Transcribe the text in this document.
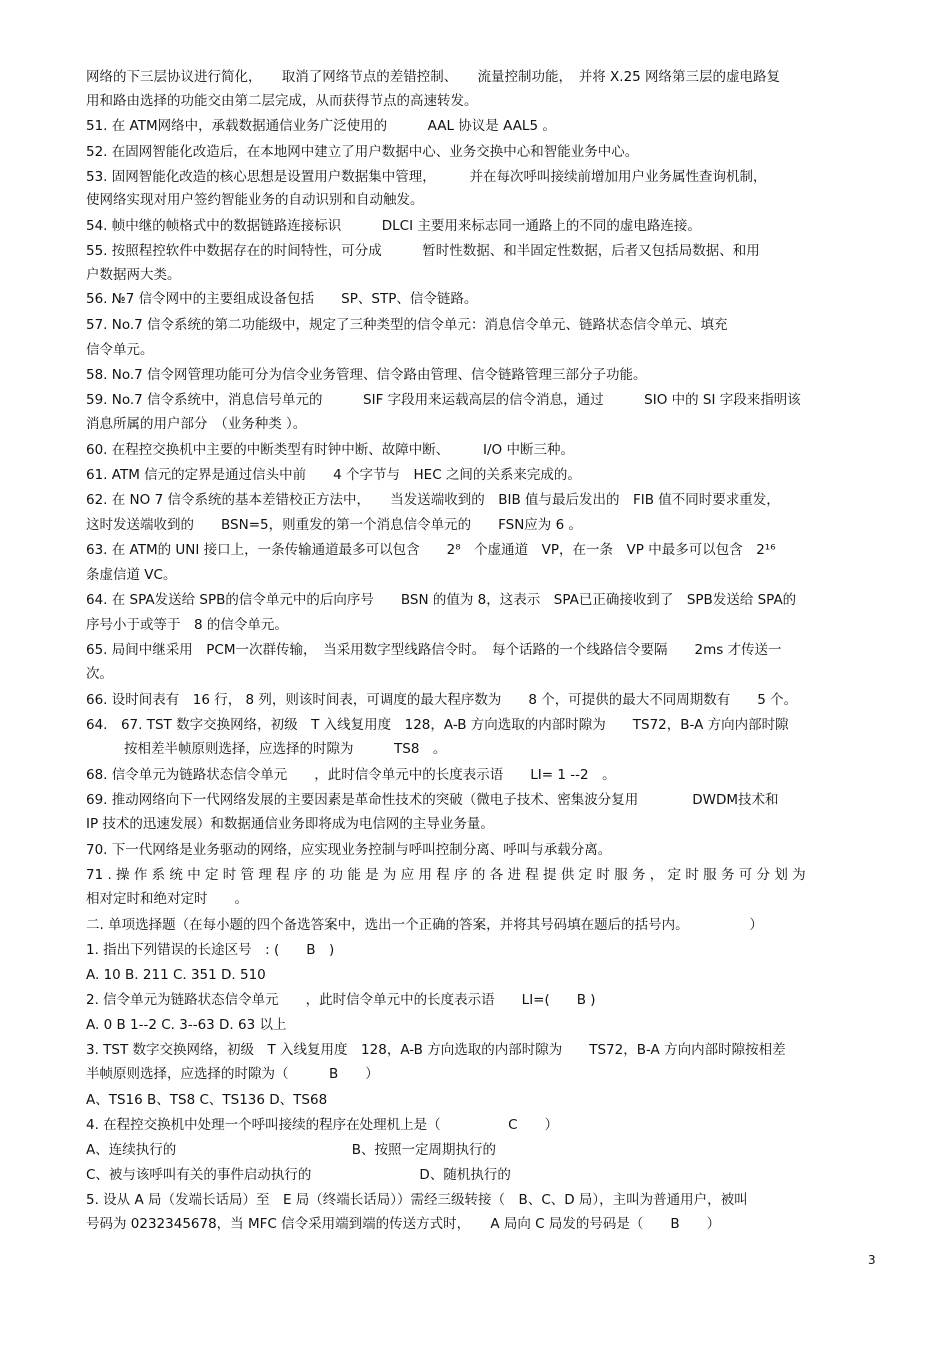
网络的下三层协议进行简化，　　取消了网络节点的差错控制、　　流量控制功能，　并将 X.25 网络第三层的虚电路复
用和路由选择的功能交由第二层完成，从而获得节点的高速转发。
51. 在 ATM网络中，承载数据通信业务广泛使用的　　　AAL 协议是 AAL5 。
52. 在固网智能化改造后，在本地网中建立了用户数据中心、业务交换中心和智能业务中心。
53. 固网智能化改造的核心思想是设置用户数据集中管理，　　　并在每次呼叫接续前增加用户业务属性查询机制，
使网络实现对用户签约智能业务的自动识别和自动触发。
54. 帧中继的帧格式中的数据链路连接标识　　　DLCI 主要用来标志同一通路上的不同的虚电路连接。
55. 按照程控软件中数据存在的时间特性，可分成　　　暂时性数据、和半固定性数据，后者又包括局数据、和用　　　
户数据两大类。
56. №7 信令网中的主要组成设备包括　　SP、STP、信令链路。
57. No.7 信令系统的第二功能级中，规定了三种类型的信令单元：消息信令单元、链路状态信令单元、填充
信令单元。
58. No.7 信令网管理功能可分为信令业务管理、信令路由管理、信令链路管理三部分子功能。
59. No.7 信令系统中，消息信号单元的　　　SIF 字段用来运载高层的信令消息，通过　　　SIO 中的 SI 字段来指明该
消息所属的用户部分　（业务种类 ）。
60. 在程控交换机中主要的中断类型有时钟中断、故障中断、　　　I/O 中断三种。
61. ATM 信元的定界是通过信头中前　　4 个字节与　HEC 之间的关系来完成的。
62. 在 NO 7 信令系统的基本差错校正方法中，　　当发送端收到的　BIB 值与最后发出的　FIB 值不同时要求重发，
这时发送端收到的　　BSN=5，则重发的第一个消息信令单元的　　FSN应为 6 。
63. 在 ATM的 UNI 接口上，一条传输通道最多可以包含　　2⁸　个虚通道　VP，在一条　VP 中最多可以包含　2¹⁶
条虚信道 VC。
64. 在 SPA发送给 SPB的信令单元中的后向序号　　BSN 的值为 8，这表示　SPA已正确接收到了　SPB发送给 SPA的
序号小于或等于　8 的信令单元。
65. 局间中继采用　PCM一次群传输，　当采用数字型线路信令时。　每个话路的一个线路信令要隔　　2ms 才传送一
次。
66. 设时间表有　16 行， 8 列，则该时间表，可调度的最大程序数为　　8 个，可提供的最大不同周期数有　　5 个。
64.　67. TST 数字交换网络，初级　T 入线复用度　128，A-B 方向选取的内部时隙为　　TS72，B-A 方向内部时隙
按相差半帧原则选择，应选择的时隙为　　　TS8　。
68. 信令单元为链路状态信令单元　　，此时信令单元中的长度表示语　　LI= 1 --2　。
69. 推动网络向下一代网络发展的主要因素是革命性技术的突破（微电子技术、密集波分复用　　　　DWDM技术和
IP 技术的迅速发展）和数据通信业务即将成为电信网的主导业务量。
70. 下一代网络是业务驱动的网络，应实现业务控制与呼叫控制分离、呼叫与承载分离。
71 . 操 作 系 统 中 定 时 管 理 程 序 的 功 能 是 为 应 用 程 序 的 各 进 程 提 供 定 时 服 务 ， 定 时 服 务 可 分 划 为
相对定时和绝对定时　　。
二. 单项选择题（在每小题的四个备选答案中，选出一个正确的答案，并将其号码填在题后的括号内。　　　　　）
1. 指出下列错误的长途区号　: (　　B　)
A. 10 B. 211 C. 351 D. 510
2. 信令单元为链路状态信令单元　　，此时信令单元中的长度表示语　　LI=(　　B )
A. 0 B 1--2 C. 3--63 D. 63 以上
3. TST 数字交换网络，初级　T 入线复用度　128，A-B 方向选取的内部时隙为　　TS72，B-A 方向内部时隙按相差
半帧原则选择，应选择的时隙为（　　　B　　）
A、TS16 B、TS8 C、TS136 D、TS68
4. 在程控交换机中处理一个呼叫接续的程序在处理机上是（　　　　　C　　）
A、连续执行的　　　　　　　　　　　　　B、按照一定周期执行的
C、被与该呼叫有关的事件启动执行的　　　　　　　　D、随机执行的
5. 设从 A 局（发端长话局）至　E 局（终端长话局））需经三级转接（　B、C、D 局），主叫为普通用户，被叫
号码为 0232345678，当 MFC 信令采用端到端的传送方式时，　　A 局向 C 局发的号码是（　　B　　）
3
